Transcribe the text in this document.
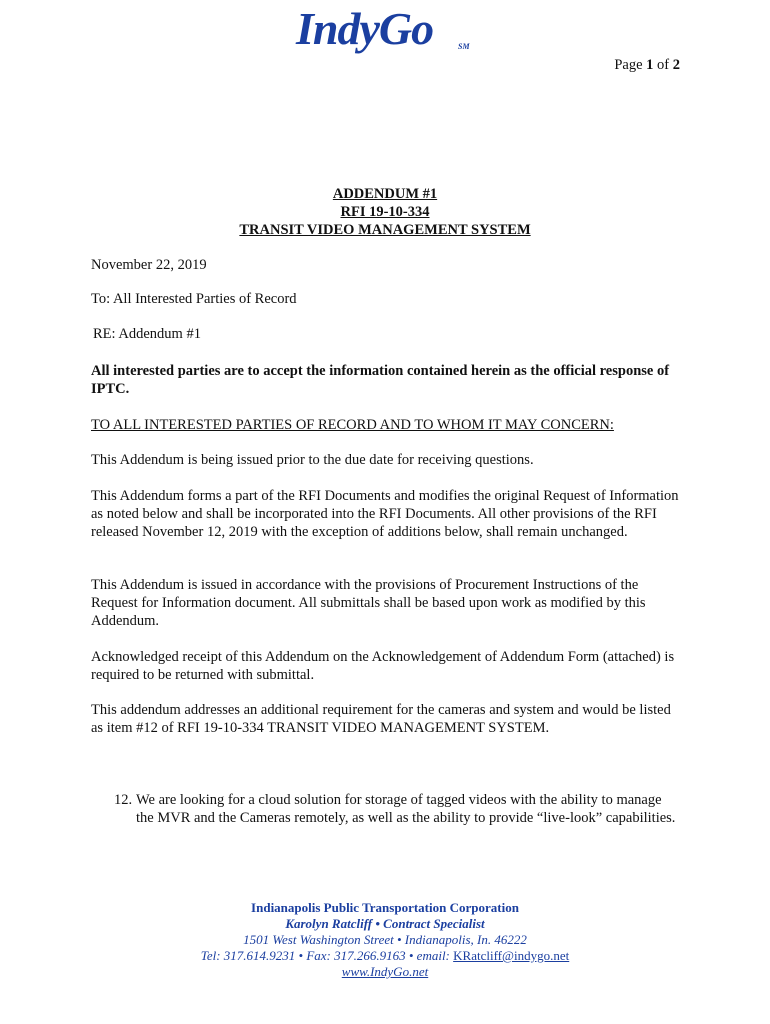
IndyGo	SM
Page 1 of 2
ADDENDUM #1
RFI 19-10-334
TRANSIT VIDEO MANAGEMENT SYSTEM

November 22, 2019

To: All Interested Parties of Record

RE: Addendum #1

All interested parties are to accept the information contained herein as the official response of IPTC.

TO ALL INTERESTED PARTIES OF RECORD AND TO WHOM IT MAY CONCERN:

This Addendum is being issued prior to the due date for receiving questions.

This Addendum forms a part of the RFI Documents and modifies the original Request of Information as noted below and shall be incorporated into the RFI Documents. All other provisions of the RFI released November 12, 2019 with the exception of additions below, shall remain unchanged.

This Addendum is issued in accordance with the provisions of Procurement Instructions of the Request for Information document. All submittals shall be based upon work as modified by this Addendum.

Acknowledged receipt of this Addendum on the Acknowledgement of Addendum Form (attached) is required to be returned with submittal.

This addendum addresses an additional requirement for the cameras and system and would be listed as item #12 of RFI 19-10-334 TRANSIT VIDEO MANAGEMENT SYSTEM.

12. We are looking for a cloud solution for storage of tagged videos with the ability to manage the MVR and the Cameras remotely, as well as the ability to provide “live-look” capabilities.
Indianapolis Public Transportation Corporation
Karolyn Ratcliff • Contract Specialist
1501 West Washington Street • Indianapolis, In. 46222
Tel: 317.614.9231 • Fax: 317.266.9163 • email: KRatcliff@indygo.net
www.IndyGo.net
